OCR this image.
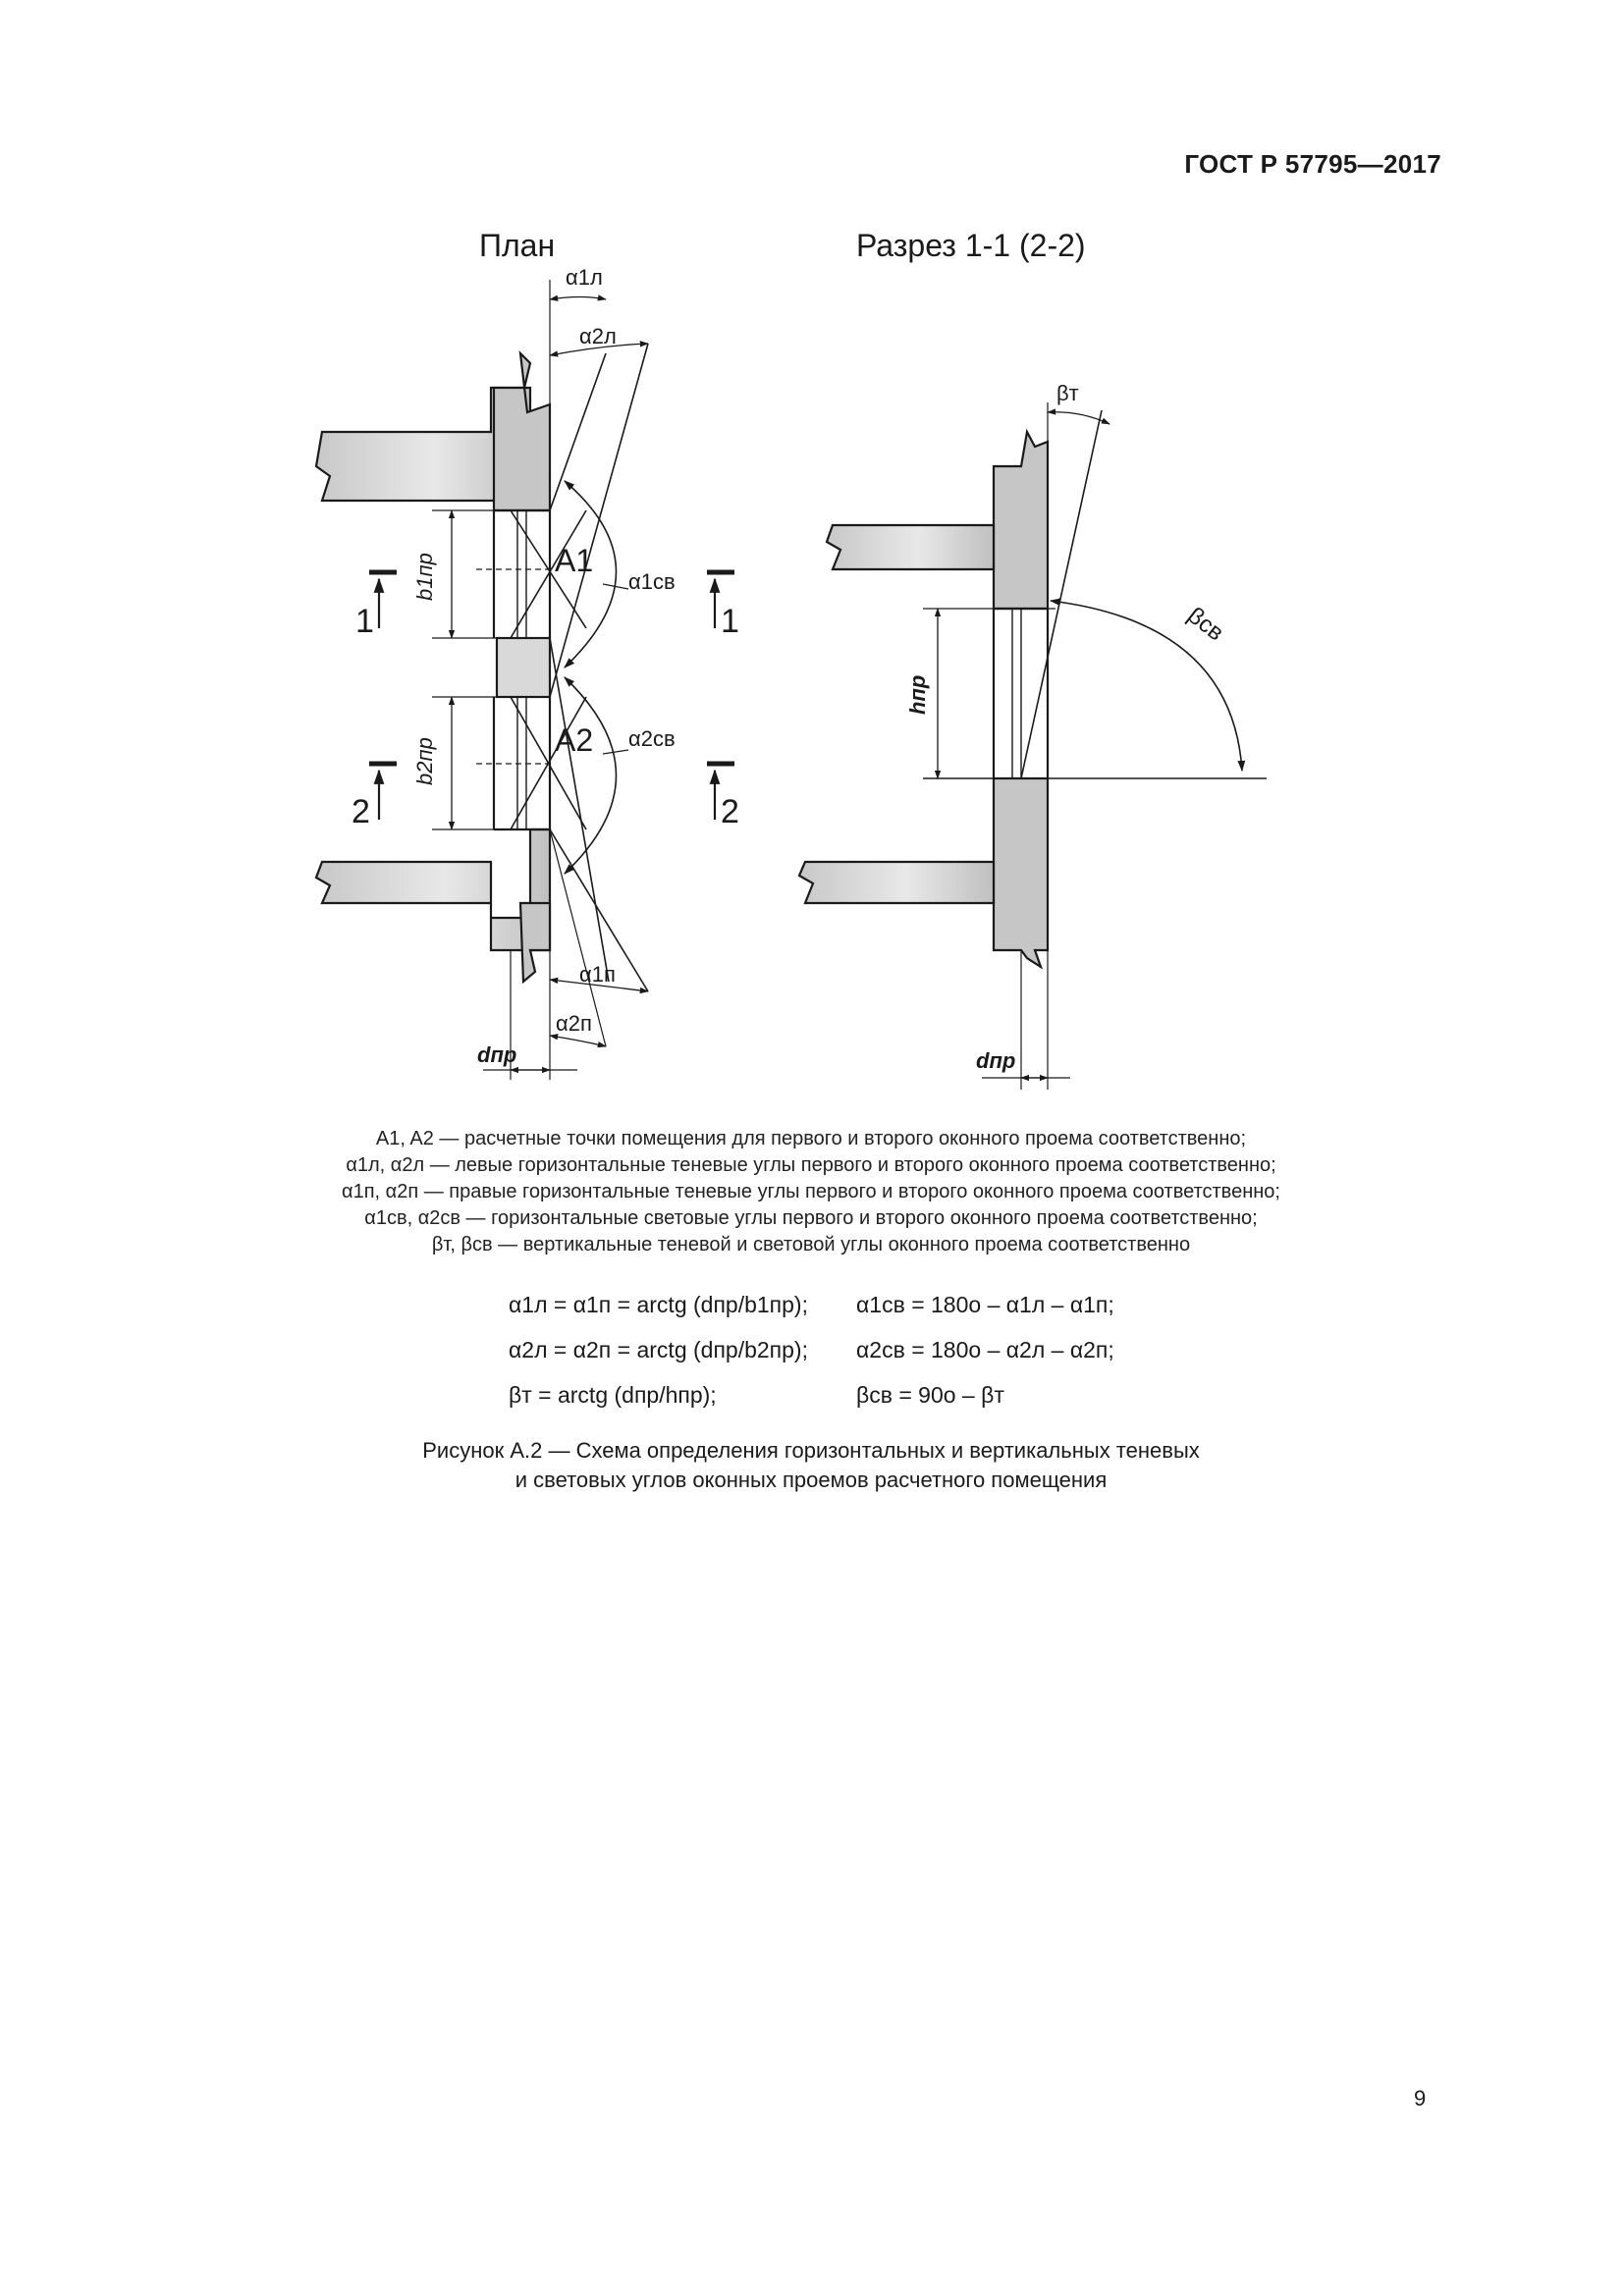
ГОСТ Р 57795—2017
План	Разрез 1-1 (2-2)
α1л
α2л
A1
A2
α1св
α2св
b1пр
b2пр
1	1
2	2
α1п
α2п
dпр
βт
βсв
hпр
dпр
A1, A2 — расчетные точки помещения для первого и второго оконного проема соответственно;
α1л, α2л — левые горизонтальные теневые углы первого и второго оконного проема соответственно;
α1п, α2п — правые горизонтальные теневые углы первого и второго оконного проема соответственно;
α1св, α2св — горизонтальные световые углы первого и второго оконного проема соответственно;
βт, βсв — вертикальные теневой и световой углы оконного проема соответственно
α1л = α1п = arctg (dпр/b1пр); α1св = 180о – α1л – α1п;
α2л = α2п = arctg (dпр/b2пр); α2св = 180о – α2л – α2п;
βт = arctg (dпр/hпр);	βсв = 90о – βт
Рисунок А.2 — Схема определения горизонтальных и вертикальных теневых
и световых углов оконных проемов расчетного помещения
9
